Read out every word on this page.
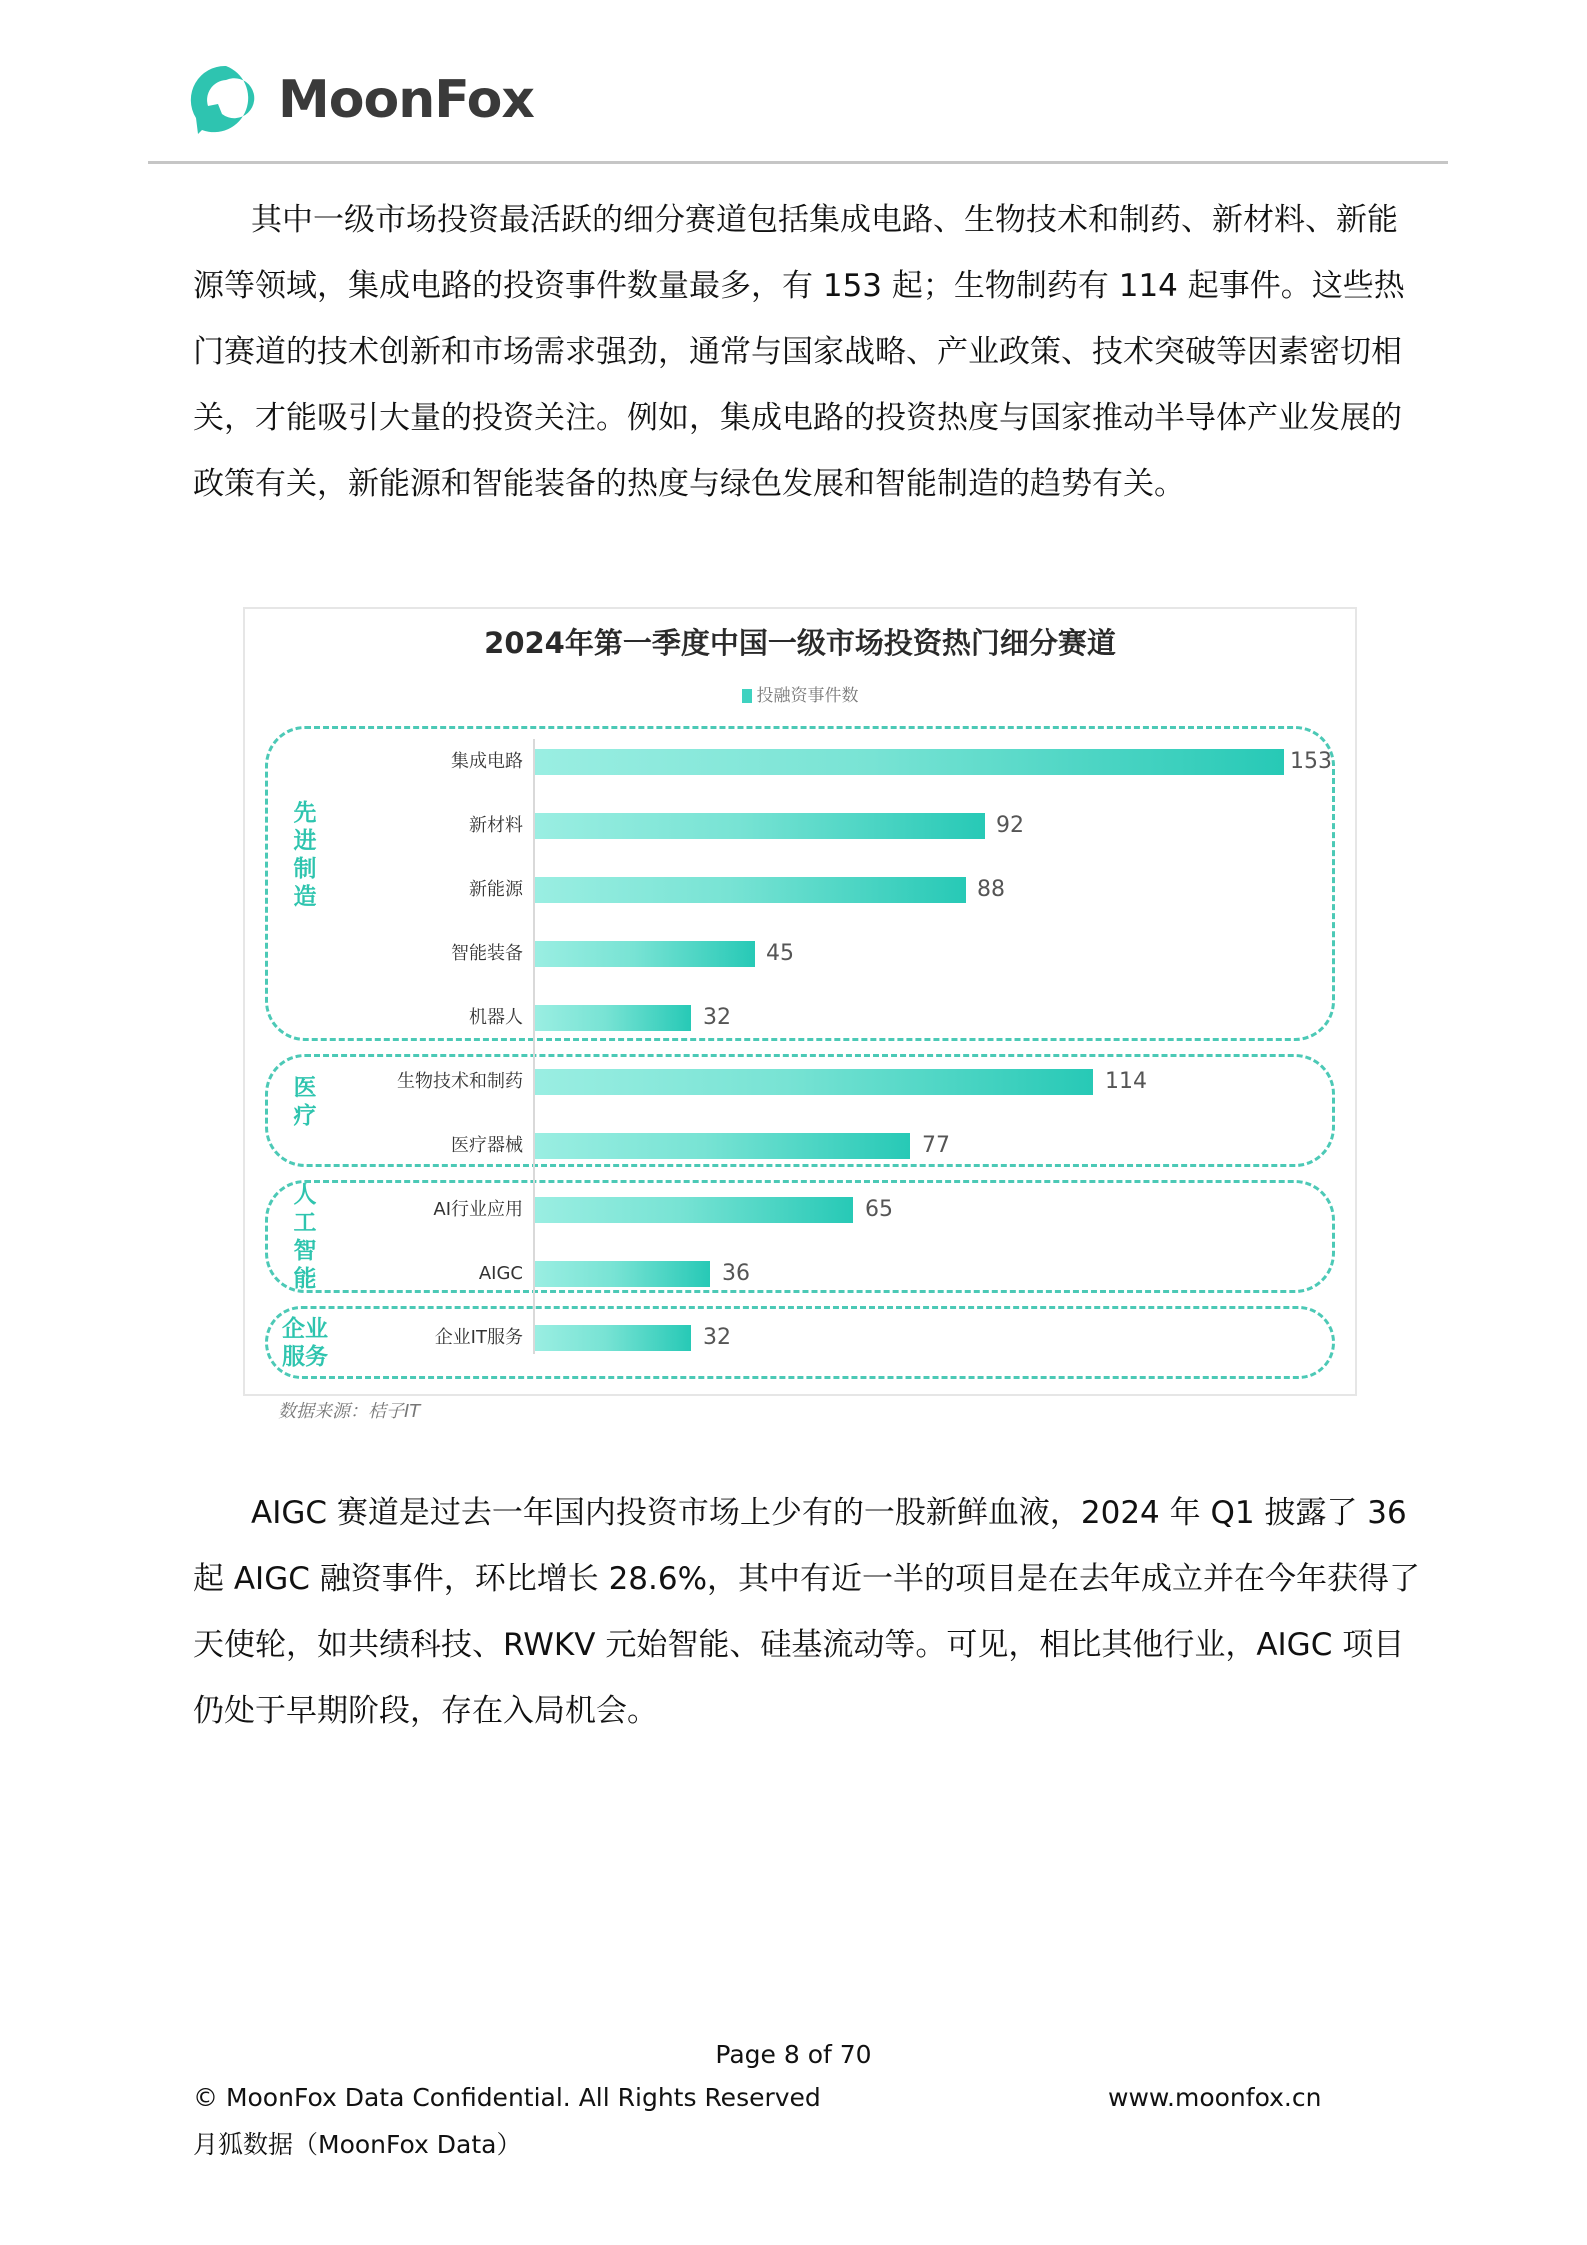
MoonFox

其中一级市场投资最活跃的细分赛道包括集成电路、生物技术和制药、新材料、新能源等领域，集成电路的投资事件数量最多，有 153 起；生物制药有 114 起事件。这些热门赛道的技术创新和市场需求强劲，通常与国家战略、产业政策、技术突破等因素密切相关，才能吸引大量的投资关注。例如，集成电路的投资热度与国家推动半导体产业发展的政策有关，新能源和智能装备的热度与绿色发展和智能制造的趋势有关。

2024年第一季度中国一级市场投资热门细分赛道
投融资事件数
先进制造
医疗
人工智能
企业服务
集成电路	153
新材料	92
新能源	88
智能装备	45
机器人	32
生物技术和制药	114
医疗器械	77
AI行业应用	65
AIGC	36
企业IT服务	32
数据来源：桔子IT

AIGC 赛道是过去一年国内投资市场上少有的一股新鲜血液，2024 年 Q1 披露了 36 起 AIGC 融资事件，环比增长 28.6%，其中有近一半的项目是在去年成立并在今年获得了天使轮，如共绩科技、RWKV 元始智能、硅基流动等。可见，相比其他行业，AIGC 项目仍处于早期阶段，存在入局机会。

Page 8 of 70
© MoonFox Data Confidential. All Rights Reserved	www.moonfox.cn
月狐数据（MoonFox Data）
